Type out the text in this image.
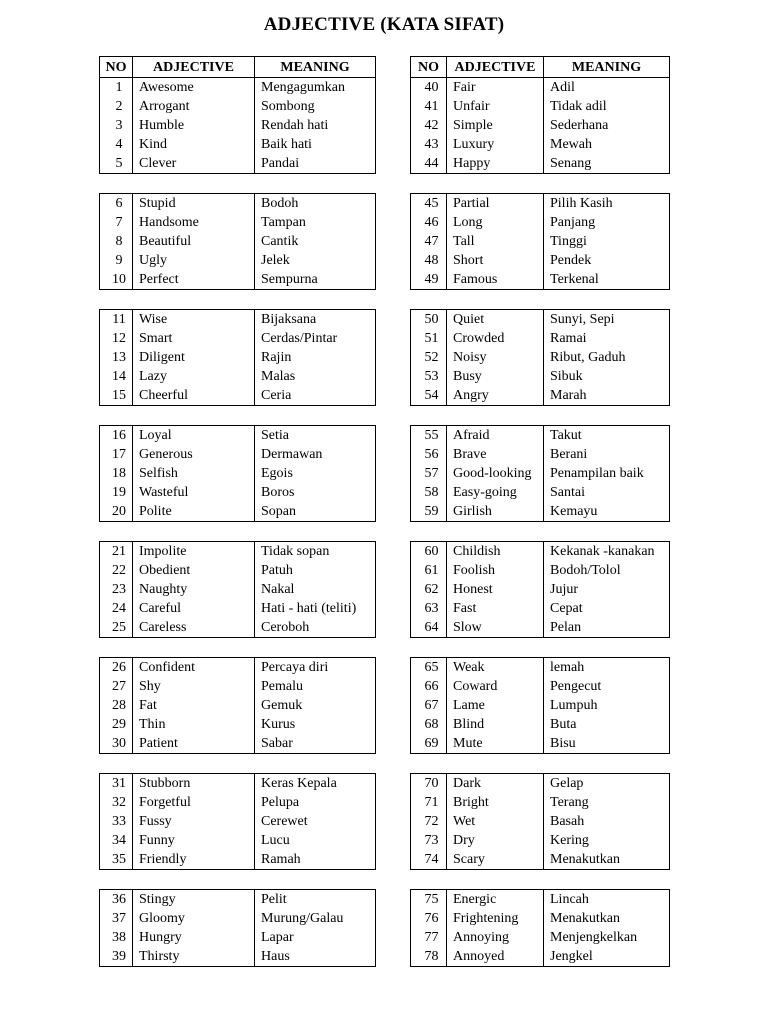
ADJECTIVE (KATA SIFAT)
NO	ADJECTIVE	MEANING
1	Awesome	Mengagumkan
2	Arrogant	Sombong
3	Humble	Rendah hati
4	Kind	Baik hati
5	Clever	Pandai
6	Stupid	Bodoh
7	Handsome	Tampan
8	Beautiful	Cantik
9	Ugly	Jelek
10	Perfect	Sempurna
11	Wise	Bijaksana
12	Smart	Cerdas/Pintar
13	Diligent	Rajin
14	Lazy	Malas
15	Cheerful	Ceria
16	Loyal	Setia
17	Generous	Dermawan
18	Selfish	Egois
19	Wasteful	Boros
20	Polite	Sopan
21	Impolite	Tidak sopan
22	Obedient	Patuh
23	Naughty	Nakal
24	Careful	Hati - hati (teliti)
25	Careless	Ceroboh
26	Confident	Percaya diri
27	Shy	Pemalu
28	Fat	Gemuk
29	Thin	Kurus
30	Patient	Sabar
31	Stubborn	Keras Kepala
32	Forgetful	Pelupa
33	Fussy	Cerewet
34	Funny	Lucu
35	Friendly	Ramah
36	Stingy	Pelit
37	Gloomy	Murung/Galau
38	Hungry	Lapar
39	Thirsty	Haus
NO	ADJECTIVE	MEANING
40	Fair	Adil
41	Unfair	Tidak adil
42	Simple	Sederhana
43	Luxury	Mewah
44	Happy	Senang
45	Partial	Pilih Kasih
46	Long	Panjang
47	Tall	Tinggi
48	Short	Pendek
49	Famous	Terkenal
50	Quiet	Sunyi, Sepi
51	Crowded	Ramai
52	Noisy	Ribut, Gaduh
53	Busy	Sibuk
54	Angry	Marah
55	Afraid	Takut
56	Brave	Berani
57	Good-looking	Penampilan baik
58	Easy-going	Santai
59	Girlish	Kemayu
60	Childish	Kekanak -kanakan
61	Foolish	Bodoh/Tolol
62	Honest	Jujur
63	Fast	Cepat
64	Slow	Pelan
65	Weak	lemah
66	Coward	Pengecut
67	Lame	Lumpuh
68	Blind	Buta
69	Mute	Bisu
70	Dark	Gelap
71	Bright	Terang
72	Wet	Basah
73	Dry	Kering
74	Scary	Menakutkan
75	Energic	Lincah
76	Frightening	Menakutkan
77	Annoying	Menjengkelkan
78	Annoyed	Jengkel
